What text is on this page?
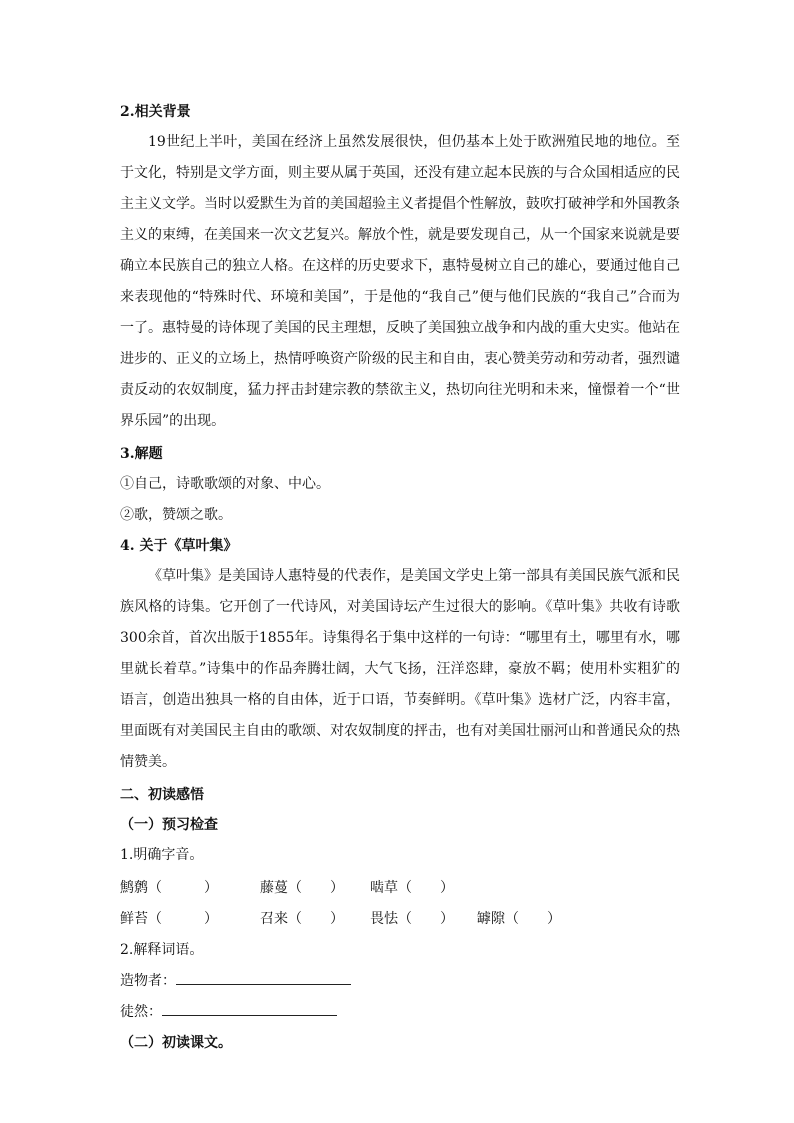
2.相关背景

19世纪上半叶，美国在经济上虽然发展很快，但仍基本上处于欧洲殖民地的地位。至于文化，特别是文学方面，则主要从属于英国，还没有建立起本民族的与合众国相适应的民主主义文学。当时以爱默生为首的美国超验主义者提倡个性解放，鼓吹打破神学和外国教条主义的束缚，在美国来一次文艺复兴。解放个性，就是要发现自己，从一个国家来说就是要确立本民族自己的独立人格。在这样的历史要求下，惠特曼树立自己的雄心，要通过他自己来表现他的“特殊时代、环境和美国”，于是他的“我自己”便与他们民族的“我自己”合而为一了。惠特曼的诗体现了美国的民主理想，反映了美国独立战争和内战的重大史实。他站在进步的、正义的立场上，热情呼唤资产阶级的民主和自由，衷心赞美劳动和劳动者，强烈谴责反动的农奴制度，猛力抨击封建宗教的禁欲主义，热切向往光明和未来，憧憬着一个“世界乐园”的出现。

3.解题

①自己，诗歌歌颂的对象、中心。

②歌，赞颂之歌。

4. 关于《草叶集》

《草叶集》是美国诗人惠特曼的代表作，是美国文学史上第一部具有美国民族气派和民族风格的诗集。它开创了一代诗风，对美国诗坛产生过很大的影响。《草叶集》共收有诗歌300余首，首次出版于1855年。诗集得名于集中这样的一句诗：“哪里有土，哪里有水，哪里就长着草。”诗集中的作品奔腾壮阔，大气飞扬，汪洋恣肆，豪放不羁；使用朴实粗犷的语言，创造出独具一格的自由体，近于口语，节奏鲜明。《草叶集》选材广泛，内容丰富，里面既有对美国民主自由的歌颂、对农奴制度的抨击，也有对美国壮丽河山和普通民众的热情赞美。

二、初读感悟

（一）预习检查

1.明确字音。

鹪鹩（　　　）	藤蔓（　　）	啮草（　　）
鲜苔（　　　）	召来（　　）	畏怯（　　）	罅隙（　　）

2.解释词语。

造物者：

徒然：

（二）初读课文。
